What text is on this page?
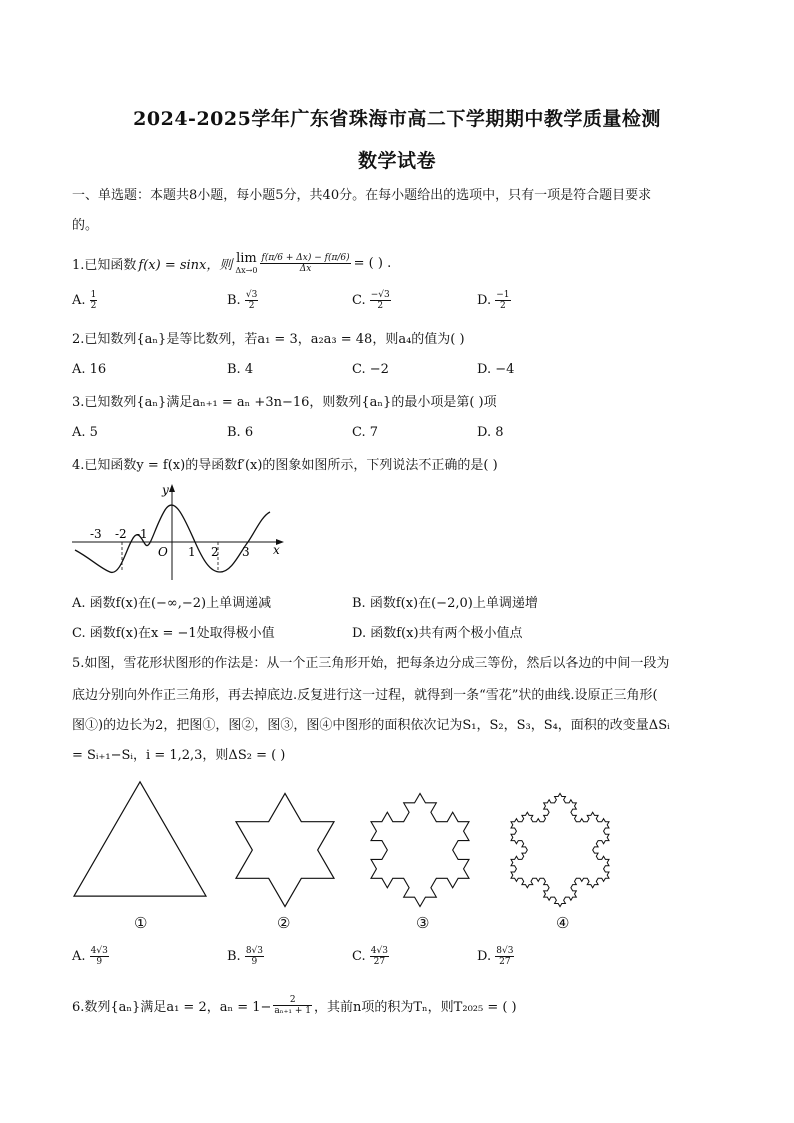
2024-2025学年广东省珠海市高二下学期期中教学质量检测
数学试卷
一、单选题：本题共8小题，每小题5分，共40分。在每小题给出的选项中，只有一项是符合题目要求
的。
1.已知函数 f(x) = sinx，则 lim
$\Delta x\to 0 \frac{f(\pi/6 + \Delta x) - f(\pi/6)}{\Delta x}$ = ( ) .
A. $\frac{1}{2}$	B. $\frac{√3}{2}$	C. $\frac{-√3}{2}$	D. $\frac{-1}{2}$
2.已知数列{aₙ}是等比数列，若a₁ = 3，a₂a₃ = 48，则a₄的值为( )
A. 16	B. 4	C. −2	D. −4
3.已知数列{aₙ}满足aₙ₊₁ = aₙ +3n−16，则数列{aₙ}的最小项是第( )项
A. 5	B. 6	C. 7	D. 8
4.已知函数y = f(x)的导函数f′(x)的图象如图所示，下列说法不正确的是( )
-3 -2 -1
O 1 2 3 x
y
A. 函数f(x)在(−∞,−2)上单调递减	B. 函数f(x)在(−2,0)上单调递增
C. 函数f(x)在x = −1处取得极小值	D. 函数f(x)共有两个极小值点
5.如图，雪花形状图形的作法是：从一个正三角形开始，把每条边分成三等份，然后以各边的中间一段为
底边分别向外作正三角形，再去掉底边.反复进行这一过程，就得到一条“雪花”状的曲线.设原正三角形(
图①)的边长为2，把图①，图②，图③，图④中图形的面积依次记为S₁，S₂，S₃，S₄，面积的改变量ΔSᵢ
= Sᵢ₊₁−Sᵢ，i = 1,2,3，则ΔS₂ = ( )
①	②	③	④
A. $\frac{4√3}{9}$	B. $\frac{8√3}{9}$	C. $\frac{4√3}{27}$	D. $\frac{8√3}{27}$
6.数列{aₙ}满足a₁ = 2，$a_n = 1- \frac{2}{\text{aₙ₊₁ + 1}}$ ，其前n项的积为Tₙ，则T₂₀₂₅ = ( )
